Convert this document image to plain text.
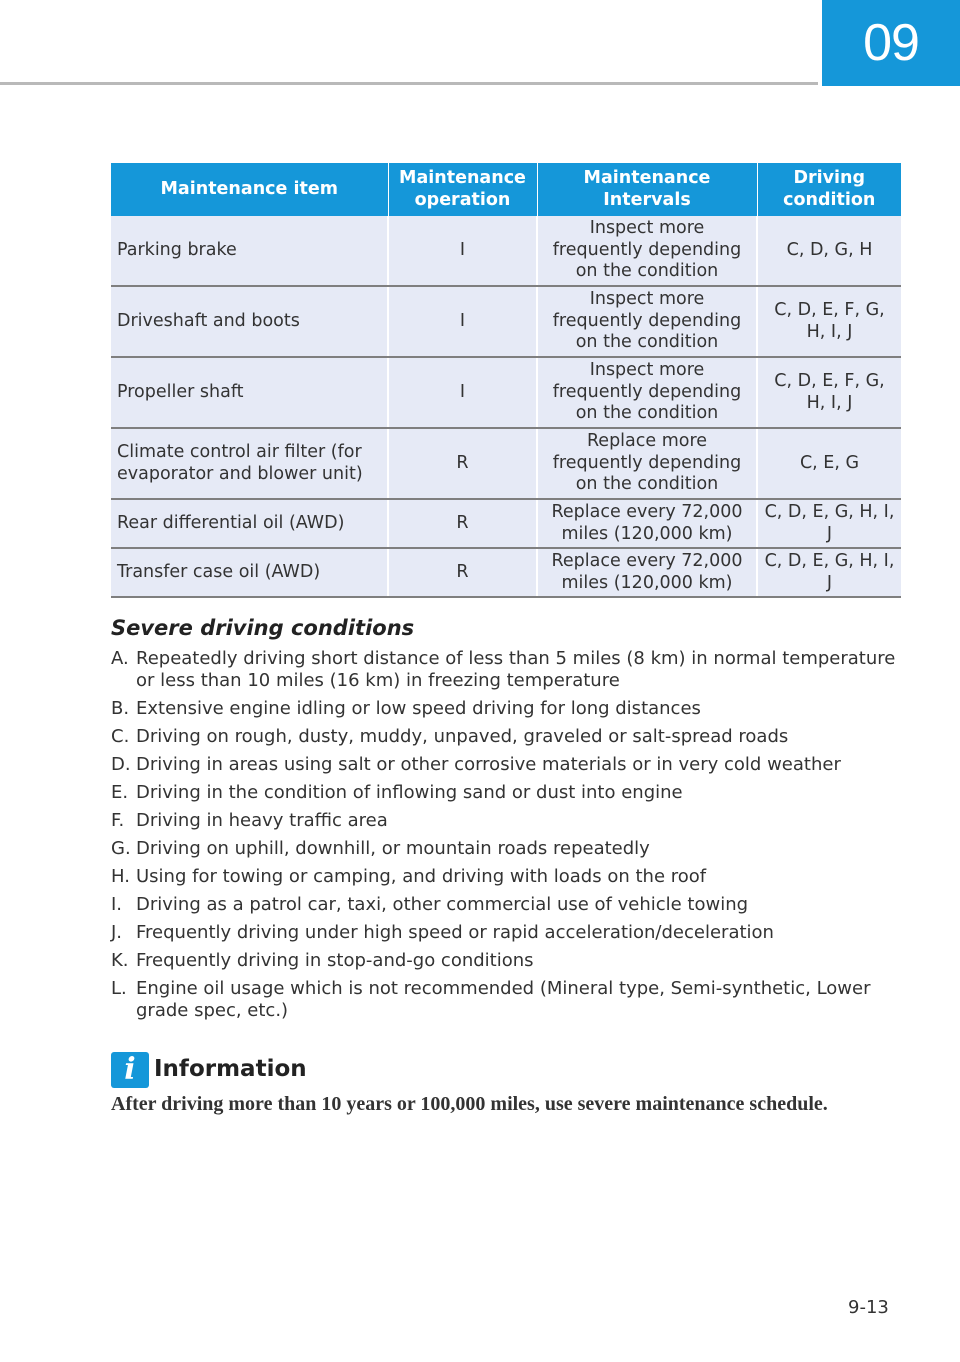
09
Maintenance item	Maintenance operation	Maintenance Intervals	Driving condition
Parking brake	I	Inspect more frequently depending on the condition	C, D, G, H
Driveshaft and boots	I	Inspect more frequently depending on the condition	C, D, E, F, G, H, I, J
Propeller shaft	I	Inspect more frequently depending on the condition	C, D, E, F, G, H, I, J
Climate control air filter (for evaporator and blower unit)	R	Replace more frequently depending on the condition	C, E, G
Rear differential oil (AWD)	R	Replace every 72,000 miles (120,000 km)	C, D, E, G, H, I, J
Transfer case oil (AWD)	R	Replace every 72,000 miles (120,000 km)	C, D, E, G, H, I, J
Severe driving conditions
A. Repeatedly driving short distance of less than 5 miles (8 km) in normal temperature or less than 10 miles (16 km) in freezing temperature
B. Extensive engine idling or low speed driving for long distances
C. Driving on rough, dusty, muddy, unpaved, graveled or salt-spread roads
D. Driving in areas using salt or other corrosive materials or in very cold weather
E. Driving in the condition of inflowing sand or dust into engine
F. Driving in heavy traffic area
G. Driving on uphill, downhill, or mountain roads repeatedly
H. Using for towing or camping, and driving with loads on the roof
I. Driving as a patrol car, taxi, other commercial use of vehicle towing
J. Frequently driving under high speed or rapid acceleration/deceleration
K. Frequently driving in stop-and-go conditions
L. Engine oil usage which is not recommended (Mineral type, Semi-synthetic, Lower grade spec, etc.)
i Information
After driving more than 10 years or 100,000 miles, use severe maintenance schedule.
9-13
